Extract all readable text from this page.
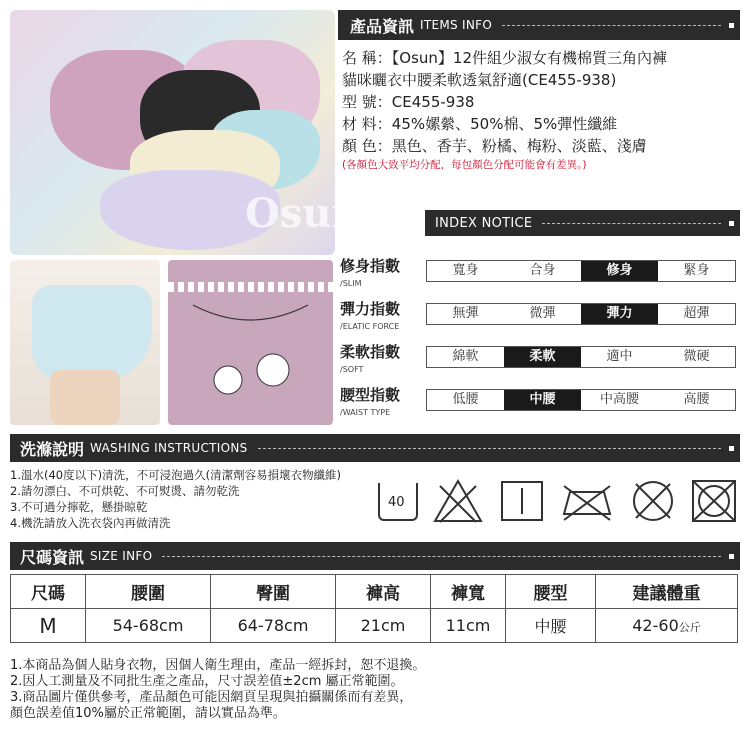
Osun
產品資訊 ITEMS INFO
名 稱：【Osun】12件組少淑女有機棉質三角內褲
貓咪曬衣中腰柔軟透氣舒適(CE455-938)
型 號：CE455-938
材 料：45%嫘縈、50%棉、5%彈性纖維
顏 色：黑色、香芋、粉橘、梅粉、淡藍、淺膚
(各顏色大致平均分配，每包顏色分配可能會有差異。)
INDEX NOTICE
修身指數
/SLIM
寬身	合身	修身	緊身
彈力指數
/ELATIC FORCE
無彈	微彈	彈力	超彈
柔軟指數
/SOFT
綿軟	柔軟	適中	微硬
腰型指數
/WAIST TYPE
低腰	中腰	中高腰	高腰
洗滌說明 WASHING INSTRUCTIONS
1.溫水(40度以下)清洗，不可浸泡過久(清潔劑容易損壞衣物纖維)
2.請勿漂白、不可烘乾、不可熨燙、請勿乾洗
3.不可過分擰乾，懸掛晾乾
4.機洗請放入洗衣袋內再做清洗
40
尺碼資訊 SIZE INFO
尺碼	腰圍	臀圍	褲高	褲寬	腰型	建議體重
M	54-68cm	64-78cm	21cm	11cm	中腰	42-60公斤
1.本商品為個人貼身衣物，因個人衛生理由，產品一經拆封，恕不退換。
2.因人工測量及不同批生產之產品，尺寸誤差值±2cm 屬正常範圍。
3.商品圖片僅供參考，產品顏色可能因網頁呈現與拍攝關係而有差異，
顏色誤差值10%屬於正常範圍，請以實品為準。
